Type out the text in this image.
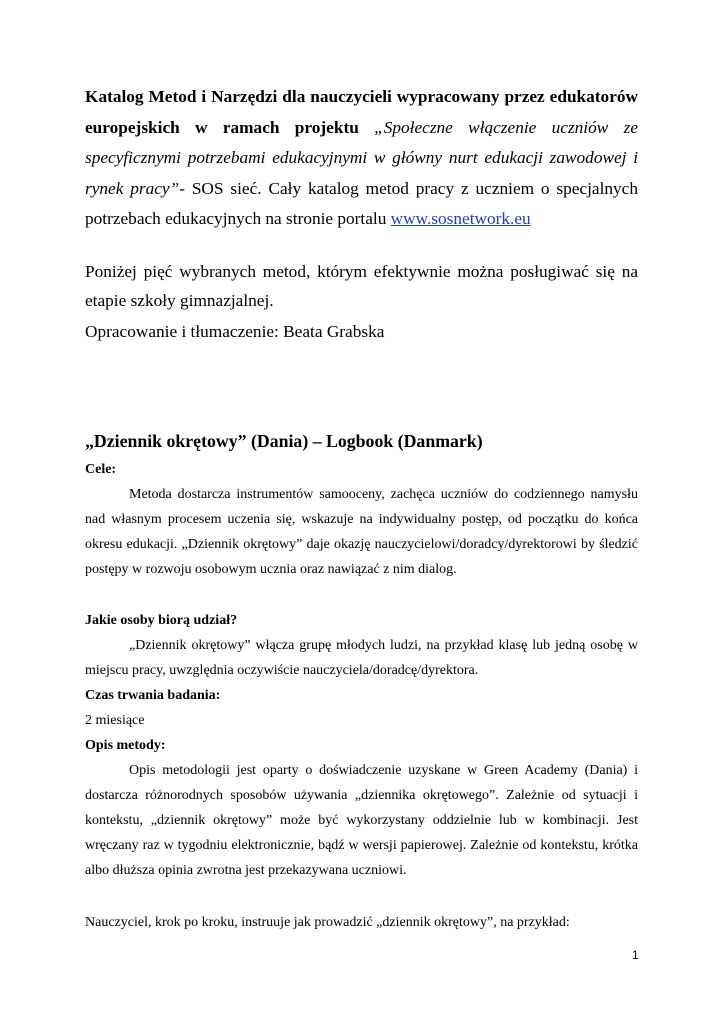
Katalog Metod i Narzędzi dla nauczycieli wypracowany przez edukatorów europejskich w ramach projektu „Społeczne włączenie uczniów ze specyficznymi potrzebami edukacyjnymi w główny nurt edukacji zawodowej i rynek pracy”- SOS sieć. Cały katalog metod pracy z uczniem o specjalnych potrzebach edukacyjnych na stronie portalu www.sosnetwork.eu

Poniżej pięć wybranych metod, którym efektywnie można posługiwać się na etapie szkoły gimnazjalnej.

Opracowanie i tłumaczenie: Beata Grabska

„Dziennik okrętowy” (Dania) – Logbook (Danmark)

Cele:

Metoda dostarcza instrumentów samooceny, zachęca uczniów do codziennego namysłu nad własnym procesem uczenia się, wskazuje na indywidualny postęp, od początku do końca okresu edukacji. „Dziennik okrętowy” daje okazję nauczycielowi/doradcy/dyrektorowi by śledzić postępy w rozwoju osobowym ucznia oraz nawiązać z nim dialog.

Jakie osoby biorą udział?

„Dziennik okrętowy” włącza grupę młodych ludzi, na przykład klasę lub jedną osobę w miejscu pracy, uwzględnia oczywiście nauczyciela/doradcę/dyrektora.

Czas trwania badania:

2 miesiące

Opis metody:

Opis metodologii jest oparty o doświadczenie uzyskane w Green Academy (Dania) i dostarcza różnorodnych sposobów używania „dziennika okrętowego”. Zależnie od sytuacji i kontekstu, „dziennik okrętowy” może być wykorzystany oddzielnie lub w kombinacji. Jest wręczany raz w tygodniu elektronicznie, bądź w wersji papierowej. Zależnie od kontekstu, krótka albo dłuższa opinia zwrotna jest przekazywana uczniowi.

Nauczyciel, krok po kroku, instruuje jak prowadzić „dziennik okrętowy”, na przykład:

1
